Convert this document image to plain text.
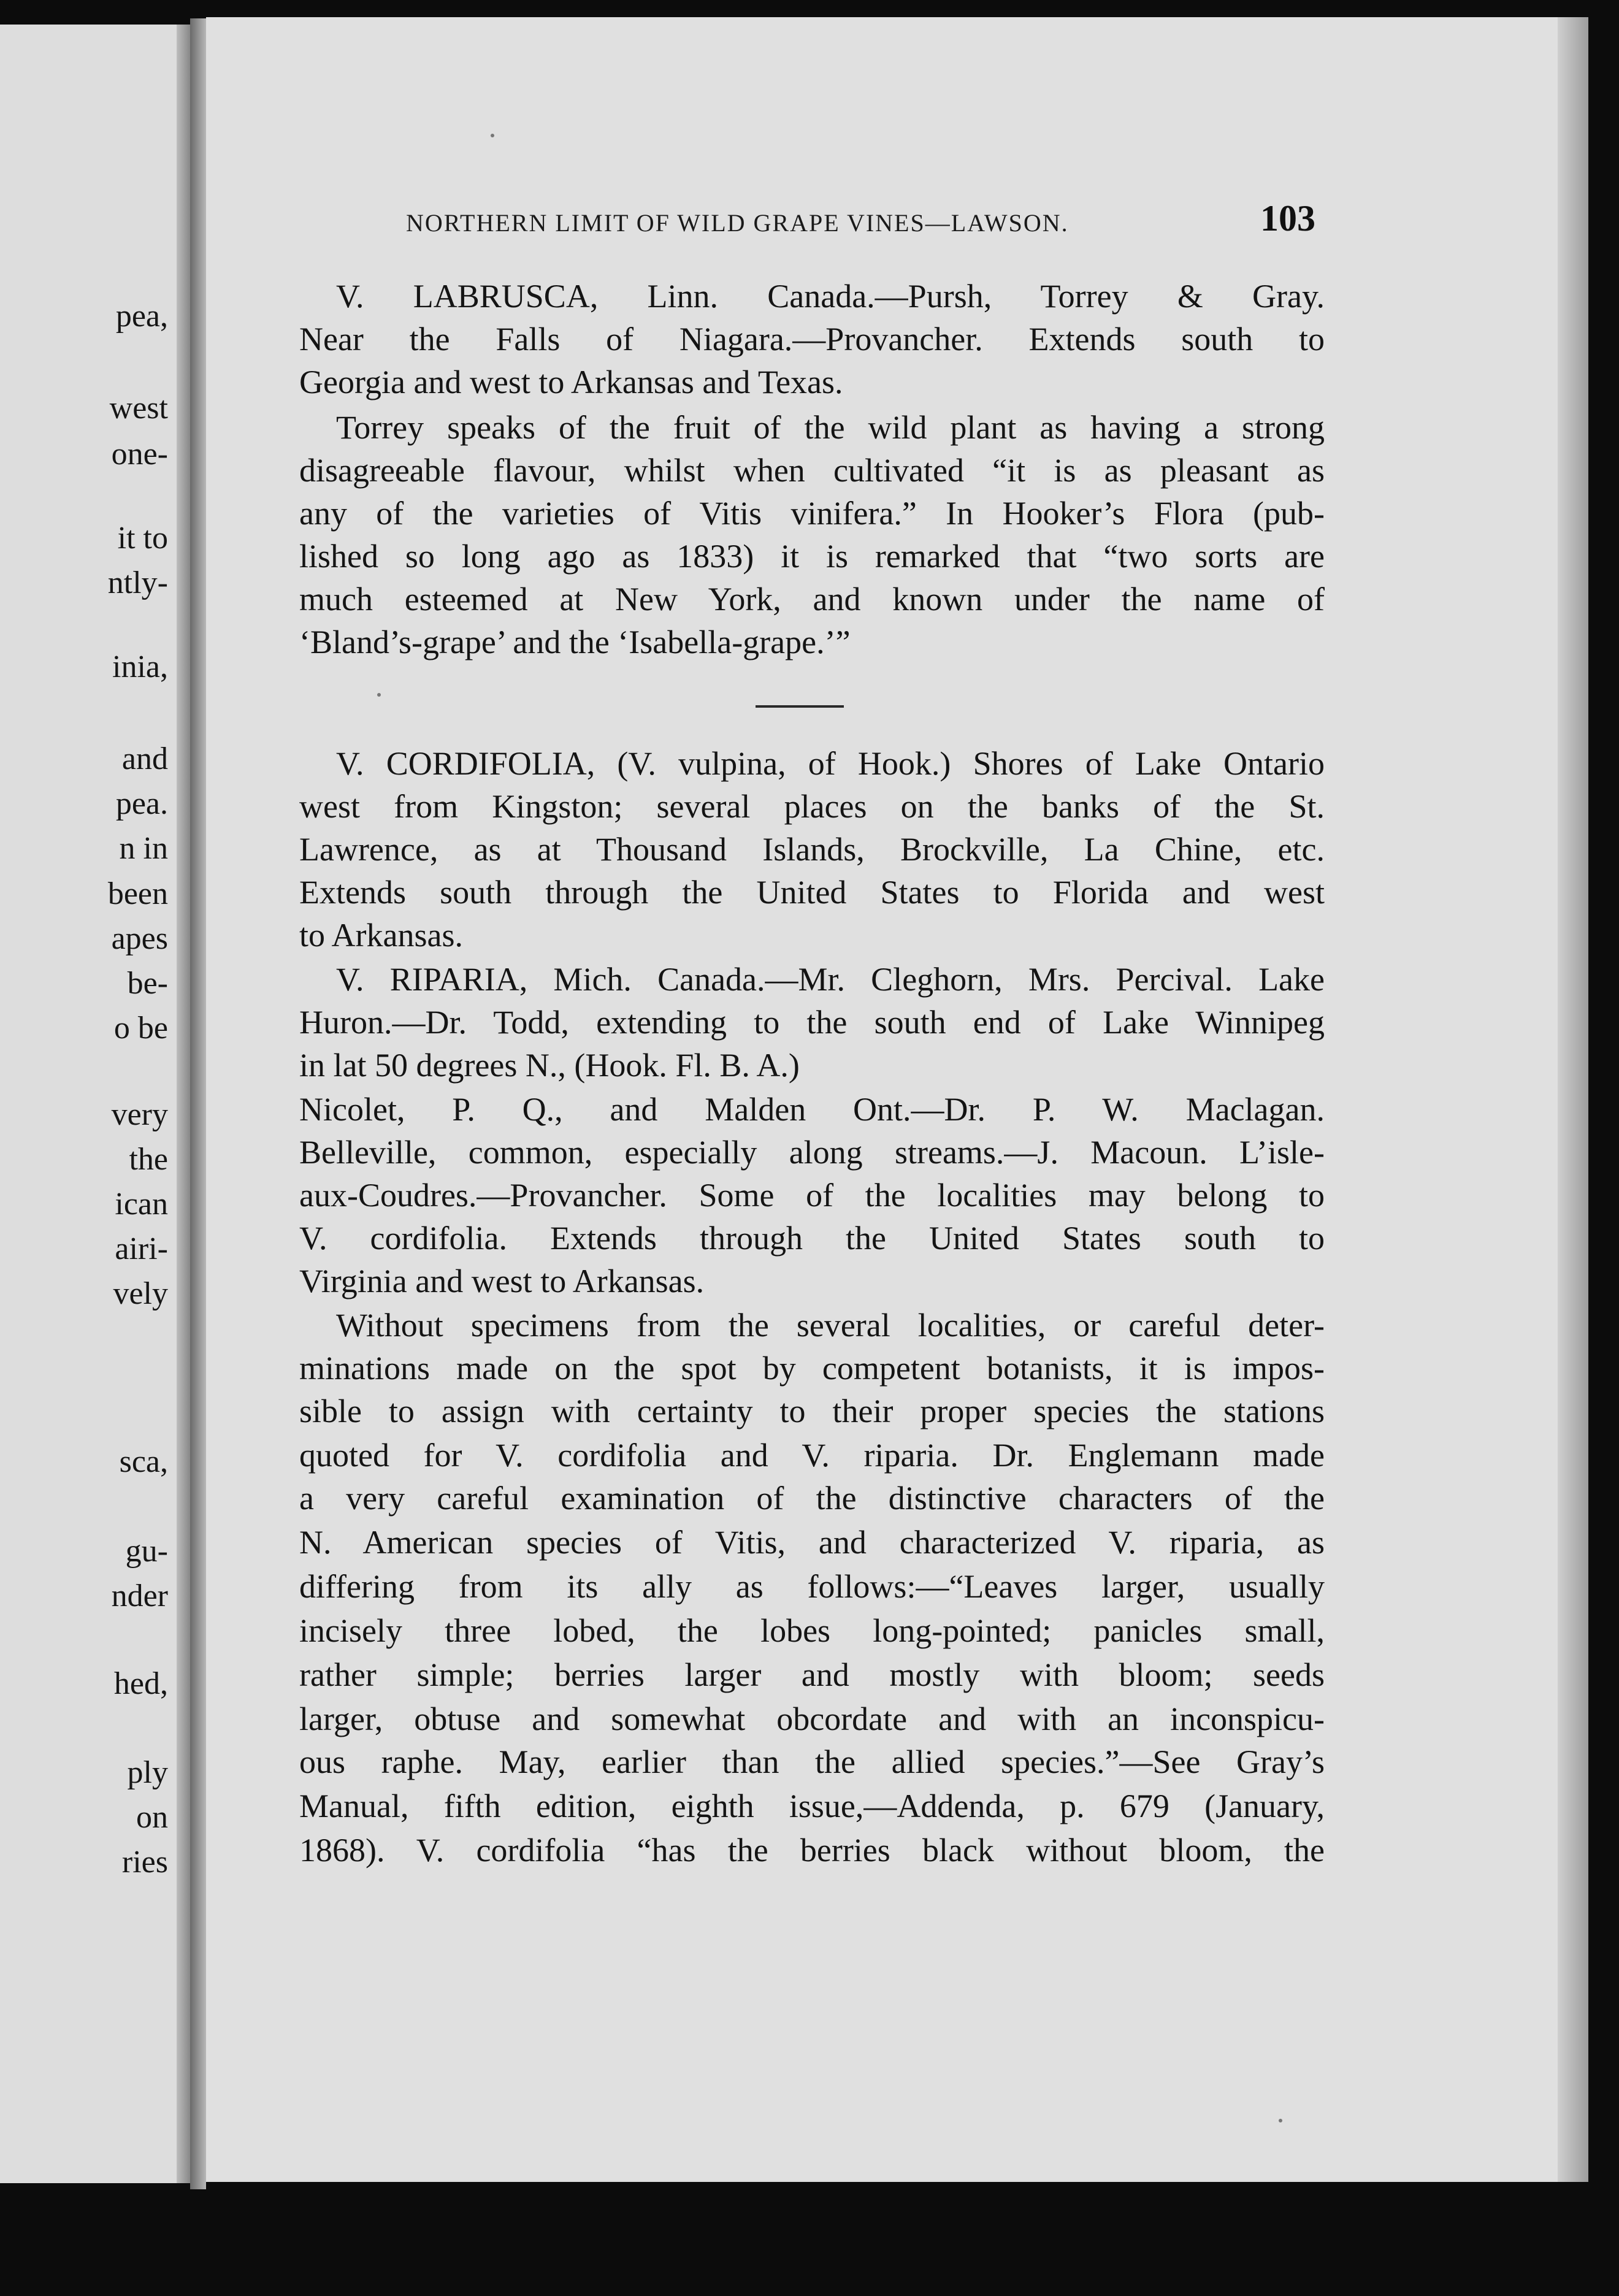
pea,

west

one-

it to

ntly-

inia,

and

pea.

n in

been

apes

be-

o be

very

the

ican

airi-

vely

sca,

gu-

nder

hed,

ply

on

ries

NORTHERN LIMIT OF WILD GRAPE VINES—LAWSON.	103

V. LABRUSCA, Linn. Canada.—Pursh, Torrey & Gray.

Near the Falls of Niagara.—Provancher. Extends south to

Georgia and west to Arkansas and Texas.

Torrey speaks of the fruit of the wild plant as having a strong

disagreeable flavour, whilst when cultivated “it is as pleasant as

any of the varieties of Vitis vinifera.” In Hooker’s Flora (pub-

lished so long ago as 1833) it is remarked that “two sorts are

much esteemed at New York, and known under the name of

‘Bland’s-grape’ and the ‘Isabella-grape.’”

V. CORDIFOLIA, (V. vulpina, of Hook.) Shores of Lake Ontario

west from Kingston; several places on the banks of the St.

Lawrence, as at Thousand Islands, Brockville, La Chine, etc.

Extends south through the United States to Florida and west

to Arkansas.

V. RIPARIA, Mich. Canada.—Mr. Cleghorn, Mrs. Percival. Lake

Huron.—Dr. Todd, extending to the south end of Lake Winnipeg

in lat 50 degrees N., (Hook. Fl. B. A.)

Nicolet, P. Q., and Malden Ont.—Dr. P. W. Maclagan.

Belleville, common, especially along streams.—J. Macoun. L’isle-

aux-Coudres.—Provancher. Some of the localities may belong to

V. cordifolia. Extends through the United States south to

Virginia and west to Arkansas.

Without specimens from the several localities, or careful deter-

minations made on the spot by competent botanists, it is impos-

sible to assign with certainty to their proper species the stations

quoted for V. cordifolia and V. riparia. Dr. Englemann made

a very careful examination of the distinctive characters of the

N. American species of Vitis, and characterized V. riparia, as

differing from its ally as follows:—“Leaves larger, usually

incisely three lobed, the lobes long-pointed; panicles small,

rather simple; berries larger and mostly with bloom; seeds

larger, obtuse and somewhat obcordate and with an inconspicu-

ous raphe. May, earlier than the allied species.”—See Gray’s

Manual, fifth edition, eighth issue,—Addenda, p. 679 (January,

1868). V. cordifolia “has the berries black without bloom, the
